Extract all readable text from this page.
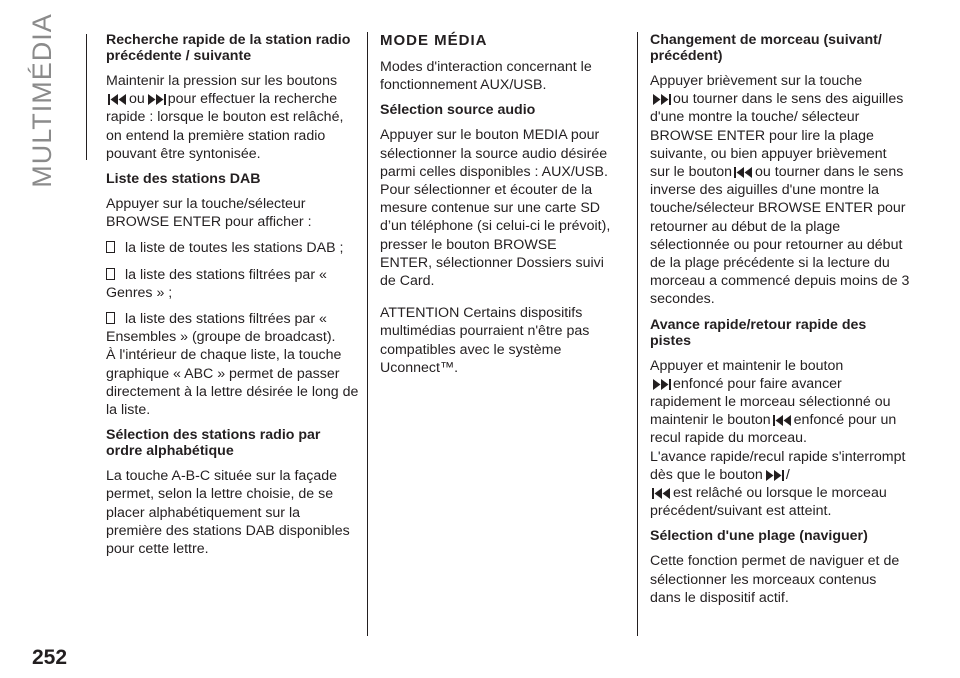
MULTIMÉDIA
252
Recherche rapide de la station radio précédente / suivante

Maintenir la pression sur les boutons
ou pour effectuer la recherche rapide : lorsque le bouton est relâché, on entend la première station radio pouvant être syntonisée.

Liste des stations DAB

Appuyer sur la touche/sélecteur BROWSE ENTER pour afficher :

la liste de toutes les stations DAB ;

la liste des stations filtrées par « Genres » ;

la liste des stations filtrées par « Ensembles » (groupe de broadcast).

À l'intérieur de chaque liste, la touche graphique « ABC » permet de passer directement à la lettre désirée le long de la liste.

Sélection des stations radio par ordre alphabétique

La touche A-B-C située sur la façade permet, selon la lettre choisie, de se placer alphabétiquement sur la première des stations DAB disponibles pour cette lettre.

MODE MÉDIA

Modes d'interaction concernant le fonctionnement AUX/USB.

Sélection source audio

Appuyer sur le bouton MEDIA pour sélectionner la source audio désirée parmi celles disponibles : AUX/USB. Pour sélectionner et écouter de la mesure contenue sur une carte SD d’un téléphone (si celui-ci le prévoit), presser le bouton BROWSE ENTER, sélectionner Dossiers suivi de Card.

ATTENTION Certains dispositifs multimédias pourraient n'être pas compatibles avec le système Uconnect™.

Changement de morceau (suivant/ précédent)

Appuyer brièvement sur la touche
ou tourner dans le sens des aiguilles d'une montre la touche/ sélecteur BROWSE ENTER pour lire la plage suivante, ou bien appuyer brièvement sur le bouton ou tourner dans le sens inverse des aiguilles d'une montre la touche/sélecteur BROWSE ENTER pour retourner au début de la plage sélectionnée ou pour retourner au début de la plage précédente si la lecture du morceau a commencé depuis moins de 3 secondes.

Avance rapide/retour rapide des pistes

Appuyer et maintenir le bouton
enfoncé pour faire avancer rapidement le morceau sélectionné ou maintenir le bouton enfoncé pour un recul rapide du morceau.

L'avance rapide/recul rapide s'interrompt dès que le bouton /
est relâché ou lorsque le morceau précédent/suivant est atteint.

Sélection d'une plage (naviguer)

Cette fonction permet de naviguer et de sélectionner les morceaux contenus dans le dispositif actif.
